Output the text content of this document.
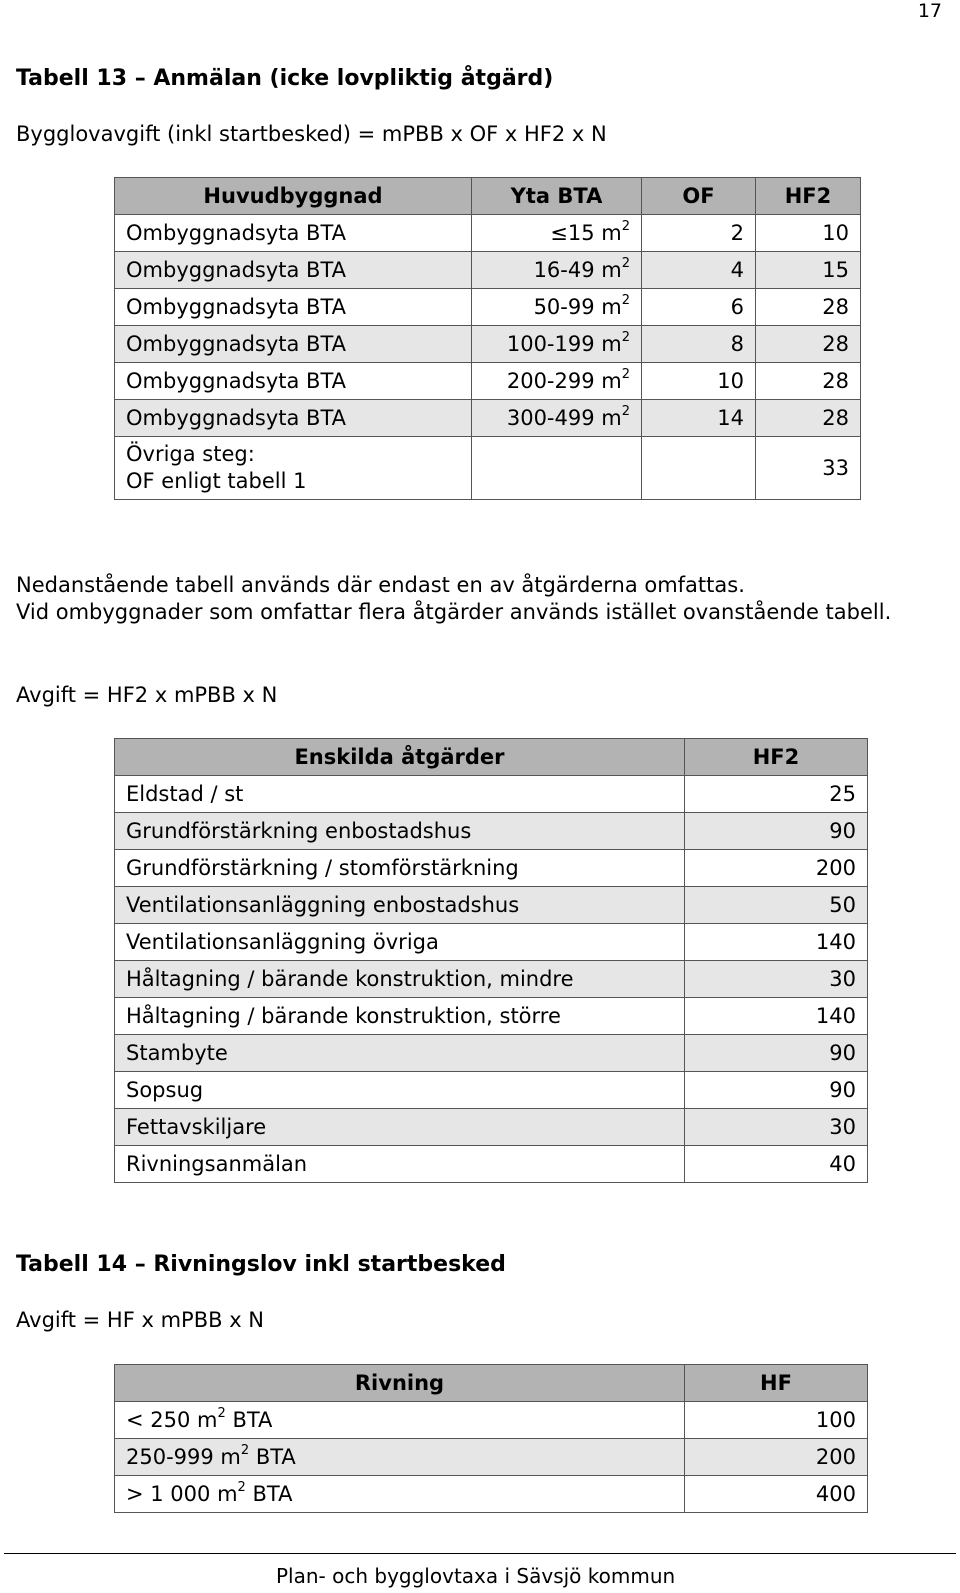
17
Tabell 13 – Anmälan (icke lovpliktig åtgärd)
Bygglovavgift (inkl startbesked) = mPBB x OF x HF2 x N
Huvudbyggnad	Yta BTA	OF	HF2
Ombyggnadsyta BTA	≤15 $m^2$	2	10
Ombyggnadsyta BTA	16-49 $m^2$	4	15
Ombyggnadsyta BTA	50-99 $m^2$	6	28
Ombyggnadsyta BTA	100-199 $m^2$	8	28
Ombyggnadsyta BTA	200-299 $m^2$	10	28
Ombyggnadsyta BTA	300-499 $m^2$	14	28

Övriga steg:
OF enligt tabell 1			33
Nedanstående tabell används där endast en av åtgärderna omfattas.
Vid ombyggnader som omfattar flera åtgärder används istället ovanstående tabell.
Avgift = HF2 x mPBB x N
Enskilda åtgärder	HF2
Eldstad / st	25
Grundförstärkning enbostadshus	90
Grundförstärkning / stomförstärkning	200
Ventilationsanläggning enbostadshus	50
Ventilationsanläggning övriga	140
Håltagning / bärande konstruktion, mindre	30
Håltagning / bärande konstruktion, större	140
Stambyte	90
Sopsug	90
Fettavskiljare	30
Rivningsanmälan	40
Tabell 14 – Rivningslov inkl startbesked
Avgift = HF x mPBB x N
Rivning	HF
< 250 $m^2$ BTA	100
250-999 $m^2$ BTA	200
> 1 000 $m^2$ BTA	400
Plan- och bygglovtaxa i Sävsjö kommun
